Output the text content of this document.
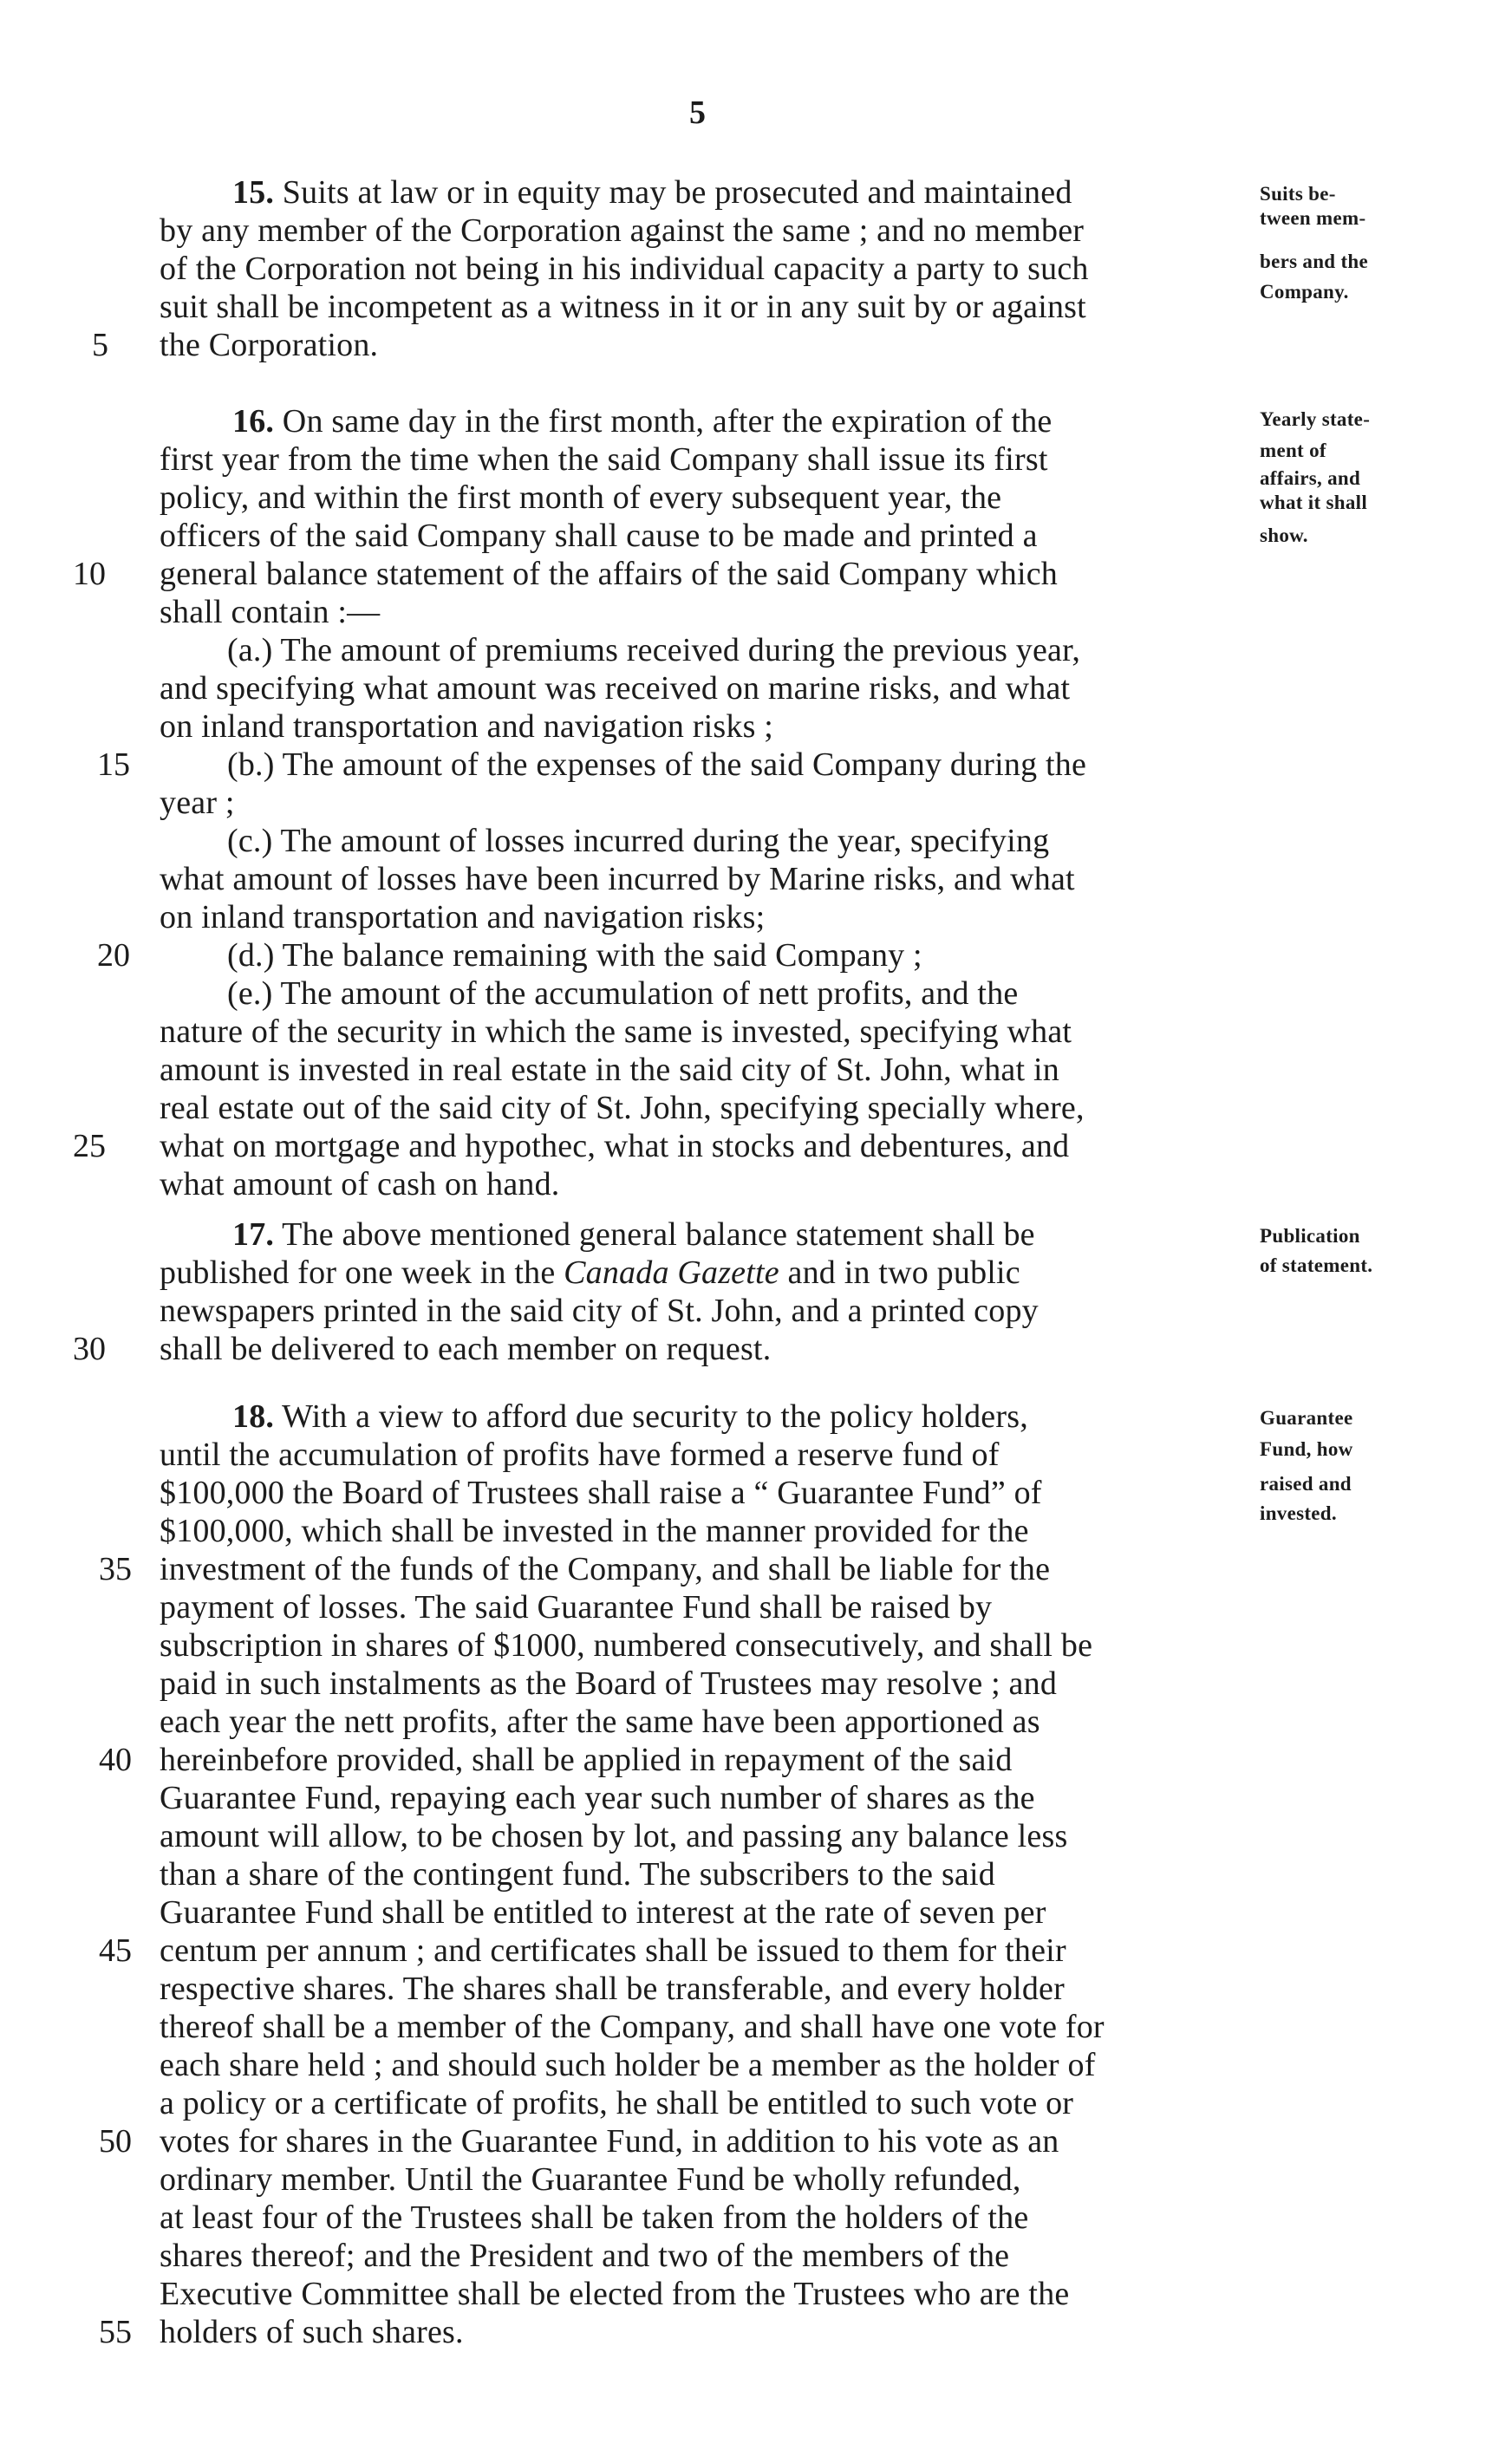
5
15. Suits at law or in equity may be prosecuted and maintained
by any member of the Corporation against the same ; and no member
of the Corporation not being in his individual capacity a party to such
suit shall be incompetent as a witness in it or in any suit by or against
the Corporation.
Suits be-
tween mem-
bers and the
Company.
16. On same day in the first month, after the expiration of the
first year from the time when the said Company shall issue its first
policy, and within the first month of every subsequent year, the
officers of the said Company shall cause to be made and printed a
general balance statement of the affairs of the said Company which
shall contain :—
(a.) The amount of premiums received during the previous year,
and specifying what amount was received on marine risks, and what
on inland transportation and navigation risks ;
(b.) The amount of the expenses of the said Company during the
year ;
(c.) The amount of losses incurred during the year, specifying
what amount of losses have been incurred by Marine risks, and what
on inland transportation and navigation risks;
(d.) The balance remaining with the said Company ;
(e.) The amount of the accumulation of nett profits, and the
nature of the security in which the same is invested, specifying what
amount is invested in real estate in the said city of St. John, what in
real estate out of the said city of St. John, specifying specially where,
what on mortgage and hypothec, what in stocks and debentures, and
what amount of cash on hand.
Yearly state-
ment of
affairs, and
what it shall
show.
17. The above mentioned general balance statement shall be
published for one week in the Canada Gazette and in two public
newspapers printed in the said city of St. John, and a printed copy
shall be delivered to each member on request.
Publication
of statement.
18. With a view to afford due security to the policy holders,
until the accumulation of profits have formed a reserve fund of
$100,000 the Board of Trustees shall raise a “ Guarantee Fund” of
$100,000, which shall be invested in the manner provided for the
investment of the funds of the Company, and shall be liable for the
payment of losses. The said Guarantee Fund shall be raised by
subscription in shares of $1000, numbered consecutively, and shall be
paid in such instalments as the Board of Trustees may resolve ; and
each year the nett profits, after the same have been apportioned as
hereinbefore provided, shall be applied in repayment of the said
Guarantee Fund, repaying each year such number of shares as the
amount will allow, to be chosen by lot, and passing any balance less
than a share of the contingent fund. The subscribers to the said
Guarantee Fund shall be entitled to interest at the rate of seven per
centum per annum ; and certificates shall be issued to them for their
respective shares. The shares shall be transferable, and every holder
thereof shall be a member of the Company, and shall have one vote for
each share held ; and should such holder be a member as the holder of
a policy or a certificate of profits, he shall be entitled to such vote or
votes for shares in the Guarantee Fund, in addition to his vote as an
ordinary member. Until the Guarantee Fund be wholly refunded,
at least four of the Trustees shall be taken from the holders of the
shares thereof; and the President and two of the members of the
Executive Committee shall be elected from the Trustees who are the
holders of such shares.
Guarantee
Fund, how
raised and
invested.
5
10
15
20
25
30
35
40
45
50
55
